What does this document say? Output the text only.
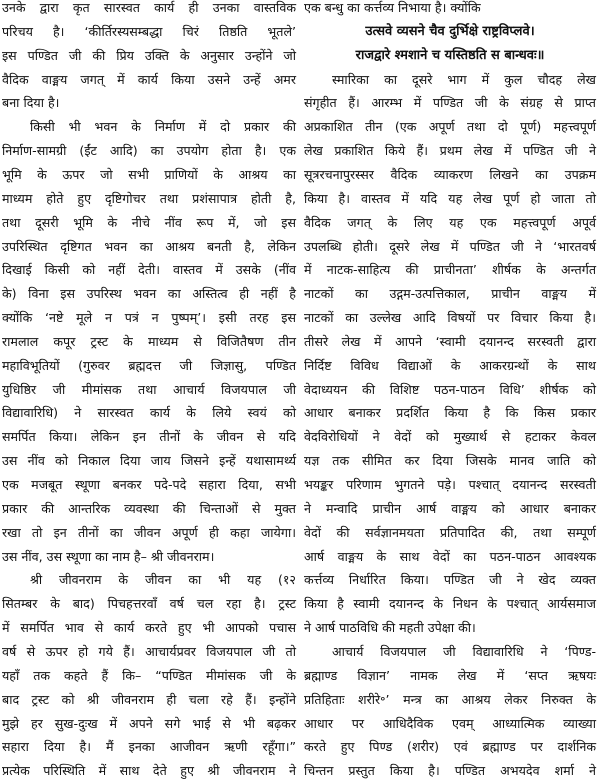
उनके द्वारा कृत सारस्वत कार्य ही उनका वास्तविक
परिचय है। ‘कीर्तिरस्यसम्बद्धा चिरं तिष्ठति भूतले’
इस पण्डित जी की प्रिय उक्ति के अनुसार उन्होंने जो
वैदिक वाङ्मय जगत् में कार्य किया उसने उन्हें अमर
बना दिया है।
किसी भी भवन के निर्माण में दो प्रकार की
निर्माण-सामग्री (ईंट आदि) का उपयोग होता है। एक
भूमि के ऊपर जो सभी प्राणियों के आश्रय का
माध्यम होते हुए दृष्टिगोचर तथा प्रशंसापात्र होती है,
तथा दूसरी भूमि के नीचे नींव रूप में, जो इस
उपरिस्थित दृष्टिगत भवन का आश्रय बनती है, लेकिन
दिखाई किसी को नहीं देती। वास्तव में उसके (नींव
के) विना इस उपरिस्थ भवन का अस्तित्व ही नहीं है
क्योंकि ‘नष्टे मूले न पत्रं न पुष्पम्’। इसी तरह इस
रामलाल कपूर ट्रस्ट के माध्यम से विजितैषण तीन
महाविभूतियों (गुरुवर ब्रह्मदत्त जी जिज्ञासु, पण्डित
युधिष्ठिर जी मीमांसक तथा आचार्य विजयपाल जी
विद्यावारिधि) ने सारस्वत कार्य के लिये स्वयं को
समर्पित किया। लेकिन इन तीनों के जीवन से यदि
उस नींव को निकाल दिया जाय जिसने इन्हें यथासामर्थ्य
एक मजबूत स्थूणा बनकर पदे-पदे सहारा दिया, सभी
प्रकार की आन्तरिक व्यवस्था की चिन्ताओं से मुक्त
रखा तो इन तीनों का जीवन अपूर्ण ही कहा जायेगा।
उस नींव, उस स्थूणा का नाम है– श्री जीवनराम।
श्री जीवनराम के जीवन का भी यह (१२
सितम्बर के बाद) पिचहत्तरवाँ वर्ष चल रहा है। ट्रस्ट
में समर्पित भाव से कार्य करते हुए भी आपको पचास
वर्ष से ऊपर हो गये हैं। आचार्यप्रवर विजयपाल जी तो
यहाँ तक कहते हैं कि– “पण्डित मीमांसक जी के
बाद ट्रस्ट को श्री जीवनराम ही चला रहे हैं। इन्होंने
मुझे हर सुख-दुःख में अपने सगे भाई से भी बढ़कर
सहारा दिया है। मैं इनका आजीवन ऋणी रहूँगा।”
प्रत्येक परिस्थिति में साथ देते हुए श्री जीवनराम ने
एक बन्धु का कर्त्तव्य निभाया है। क्योंकि
उत्सवे व्यसने चैव दुर्भिक्षे राष्ट्रविप्लवे।
राजद्वारे श्मशाने च यस्तिष्ठति स बान्धवः॥
स्मारिका का दूसरे भाग में कुल चौदह लेख
संगृहीत हैं। आरम्भ में पण्डित जी के संग्रह से प्राप्त
अप्रकाशित तीन (एक अपूर्ण तथा दो पूर्ण) महत्त्वपूर्ण
लेख प्रकाशित किये हैं। प्रथम लेख में पण्डित जी ने
सूत्ररचनापुरस्सर वैदिक व्याकरण लिखने का उपक्रम
किया है। वास्तव में यदि यह लेख पूर्ण हो जाता तो
वैदिक जगत् के लिए यह एक महत्त्वपूर्ण अपूर्व
उपलब्धि होती। दूसरे लेख में पण्डित जी ने ‘भारतवर्ष
में नाटक-साहित्य की प्राचीनता’ शीर्षक के अन्तर्गत
नाटकों का उद्गम-उत्पत्तिकाल, प्राचीन वाङ्मय में
नाटकों का उल्लेख आदि विषयों पर विचार किया है।
तीसरे लेख में आपने ‘स्वामी दयानन्द सरस्वती द्वारा
निर्दिष्ट विविध विद्याओं के आकरग्रन्थों के साथ
वेदाध्ययन की विशिष्ट पठन-पाठन विधि’ शीर्षक को
आधार बनाकर प्रदर्शित किया है कि किस प्रकार
वेदविरोधियों ने वेदों को मुख्यार्थ से हटाकर केवल
यज्ञ तक सीमित कर दिया जिसके मानव जाति को
भयङ्कर परिणाम भुगतने पड़े। पश्चात् दयानन्द सरस्वती
ने मन्वादि प्राचीन आर्ष वाङ्मय को आधार बनाकर
वेदों की सर्वज्ञानमयता प्रतिपादित की, तथा सम्पूर्ण
आर्ष वाङ्मय के साथ वेदों का पठन-पाठन आवश्यक
कर्त्तव्य निर्धारित किया। पण्डित जी ने खेद व्यक्त
किया है स्वामी दयानन्द के निधन के पश्चात् आर्यसमाज
ने आर्ष पाठविधि की महती उपेक्षा की।
आचार्य विजयपाल जी विद्यावारिधि ने ‘पिण्ड-
ब्रह्माण्ड विज्ञान’ नामक लेख में ‘सप्त ऋषयः
प्रतिहिताः शरीरे॰’ मन्त्र का आश्रय लेकर निरुक्त के
आधार पर आधिदैविक एवम् आध्यात्मिक व्याख्या
करते हुए पिण्ड (शरीर) एवं ब्रह्माण्ड पर दार्शनिक
चिन्तन प्रस्तुत किया है। पण्डित अभयदेव शर्मा ने
